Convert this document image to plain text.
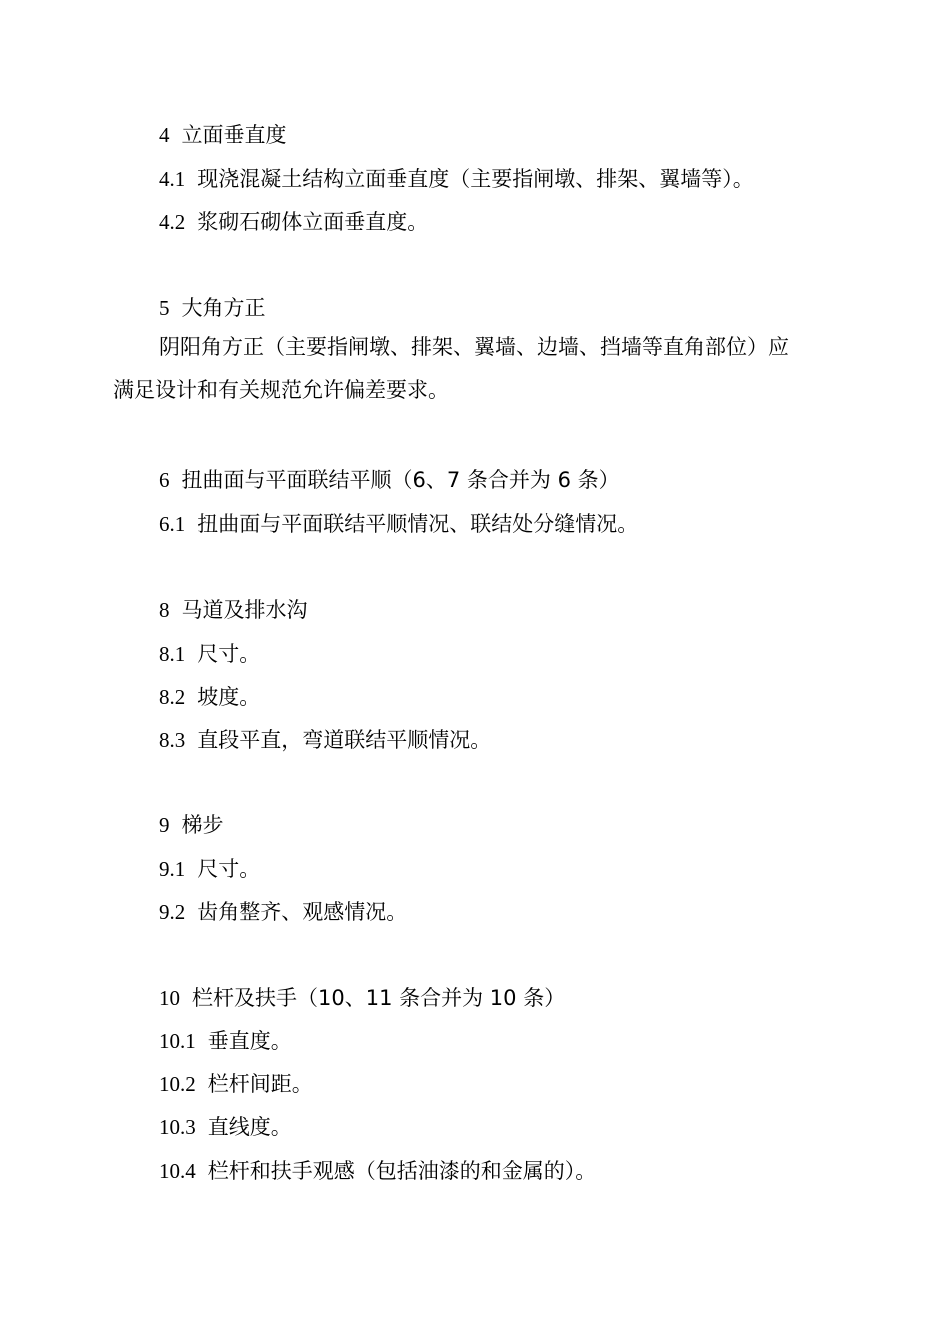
4 立面垂直度
4.1 现浇混凝土结构立面垂直度（主要指闸墩、排架、翼墙等）。
4.2 浆砌石砌体立面垂直度。
5 大角方正
阴阳角方正（主要指闸墩、排架、翼墙、边墙、挡墙等直角部位）应
满足设计和有关规范允许偏差要求。
6 扭曲面与平面联结平顺（6、7 条合并为 6 条）
6.1 扭曲面与平面联结平顺情况、联结处分缝情况。
8 马道及排水沟
8.1 尺寸。
8.2 坡度。
8.3 直段平直，弯道联结平顺情况。
9 梯步
9.1 尺寸。
9.2 齿角整齐、观感情况。
10 栏杆及扶手（10、11 条合并为 10 条）
10.1 垂直度。
10.2 栏杆间距。
10.3 直线度。
10.4 栏杆和扶手观感（包括油漆的和金属的）。
